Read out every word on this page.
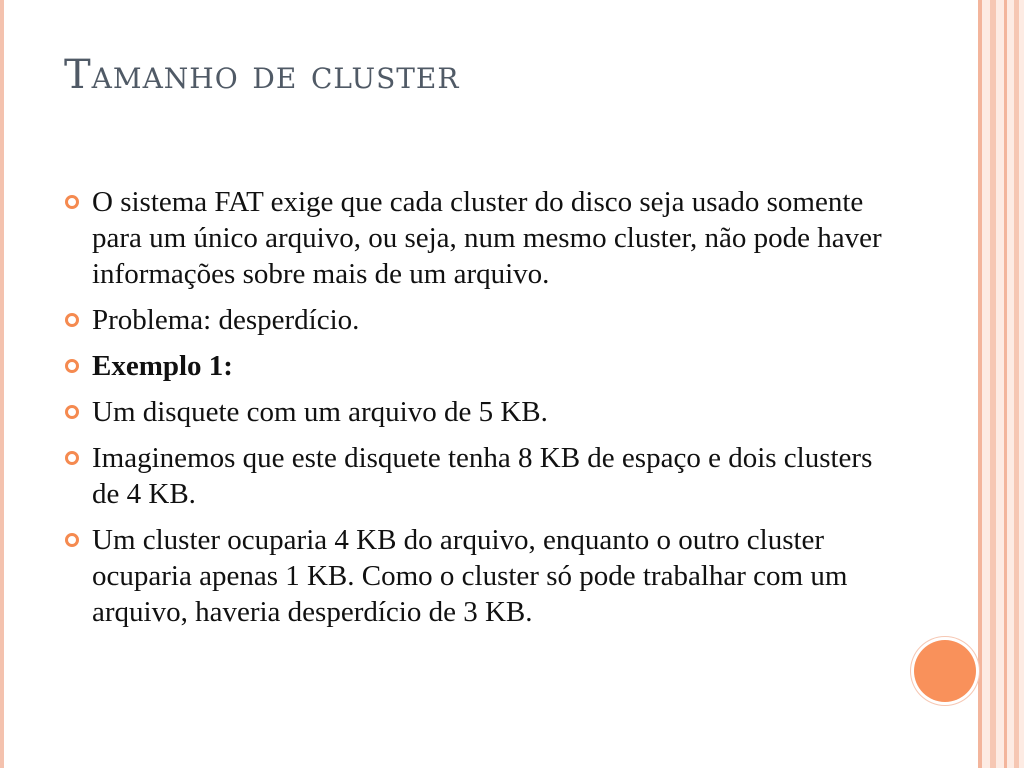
Tamanho de cluster
O sistema FAT exige que cada cluster do disco seja usado somente para um único arquivo, ou seja, num mesmo cluster, não pode haver informações sobre mais de um arquivo.
Problema: desperdício.
Exemplo 1:
Um disquete com um arquivo de 5 KB.
Imaginemos que este disquete tenha 8 KB de espaço e dois clusters de 4 KB.
Um cluster ocuparia 4 KB do arquivo, enquanto o outro cluster ocuparia apenas 1 KB. Como o cluster só pode trabalhar com um arquivo, haveria desperdício de 3 KB.
